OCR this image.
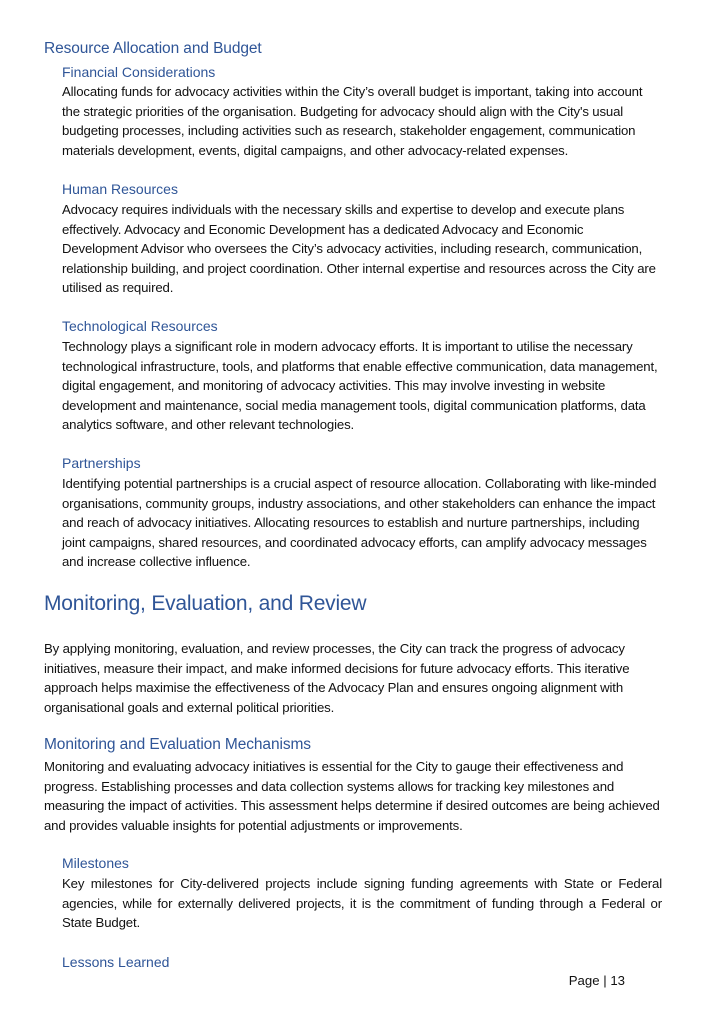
Resource Allocation and Budget
Financial Considerations

Allocating funds for advocacy activities within the City’s overall budget is important, taking into account the strategic priorities of the organisation. Budgeting for advocacy should align with the City's usual budgeting processes, including activities such as research, stakeholder engagement, communication materials development, events, digital campaigns, and other advocacy-related expenses.

Human Resources

Advocacy requires individuals with the necessary skills and expertise to develop and execute plans effectively. Advocacy and Economic Development has a dedicated Advocacy and Economic Development Advisor who oversees the City’s advocacy activities, including research, communication, relationship building, and project coordination. Other internal expertise and resources across the City are utilised as required.

Technological Resources

Technology plays a significant role in modern advocacy efforts. It is important to utilise the necessary technological infrastructure, tools, and platforms that enable effective communication, data management, digital engagement, and monitoring of advocacy activities. This may involve investing in website development and maintenance, social media management tools, digital communication platforms, data analytics software, and other relevant technologies.

Partnerships

Identifying potential partnerships is a crucial aspect of resource allocation. Collaborating with like-minded organisations, community groups, industry associations, and other stakeholders can enhance the impact and reach of advocacy initiatives. Allocating resources to establish and nurture partnerships, including joint campaigns, shared resources, and coordinated advocacy efforts, can amplify advocacy messages and increase collective influence.

Monitoring, Evaluation, and Review

By applying monitoring, evaluation, and review processes, the City can track the progress of advocacy initiatives, measure their impact, and make informed decisions for future advocacy efforts. This iterative approach helps maximise the effectiveness of the Advocacy Plan and ensures ongoing alignment with organisational goals and external political priorities.

Monitoring and Evaluation Mechanisms

Monitoring and evaluating advocacy initiatives is essential for the City to gauge their effectiveness and progress. Establishing processes and data collection systems allows for tracking key milestones and measuring the impact of activities. This assessment helps determine if desired outcomes are being achieved and provides valuable insights for potential adjustments or improvements.

Milestones

Key milestones for City-delivered projects include signing funding agreements with State or Federal agencies, while for externally delivered projects, it is the commitment of funding through a Federal or State Budget.

Lessons Learned
Page | 13
